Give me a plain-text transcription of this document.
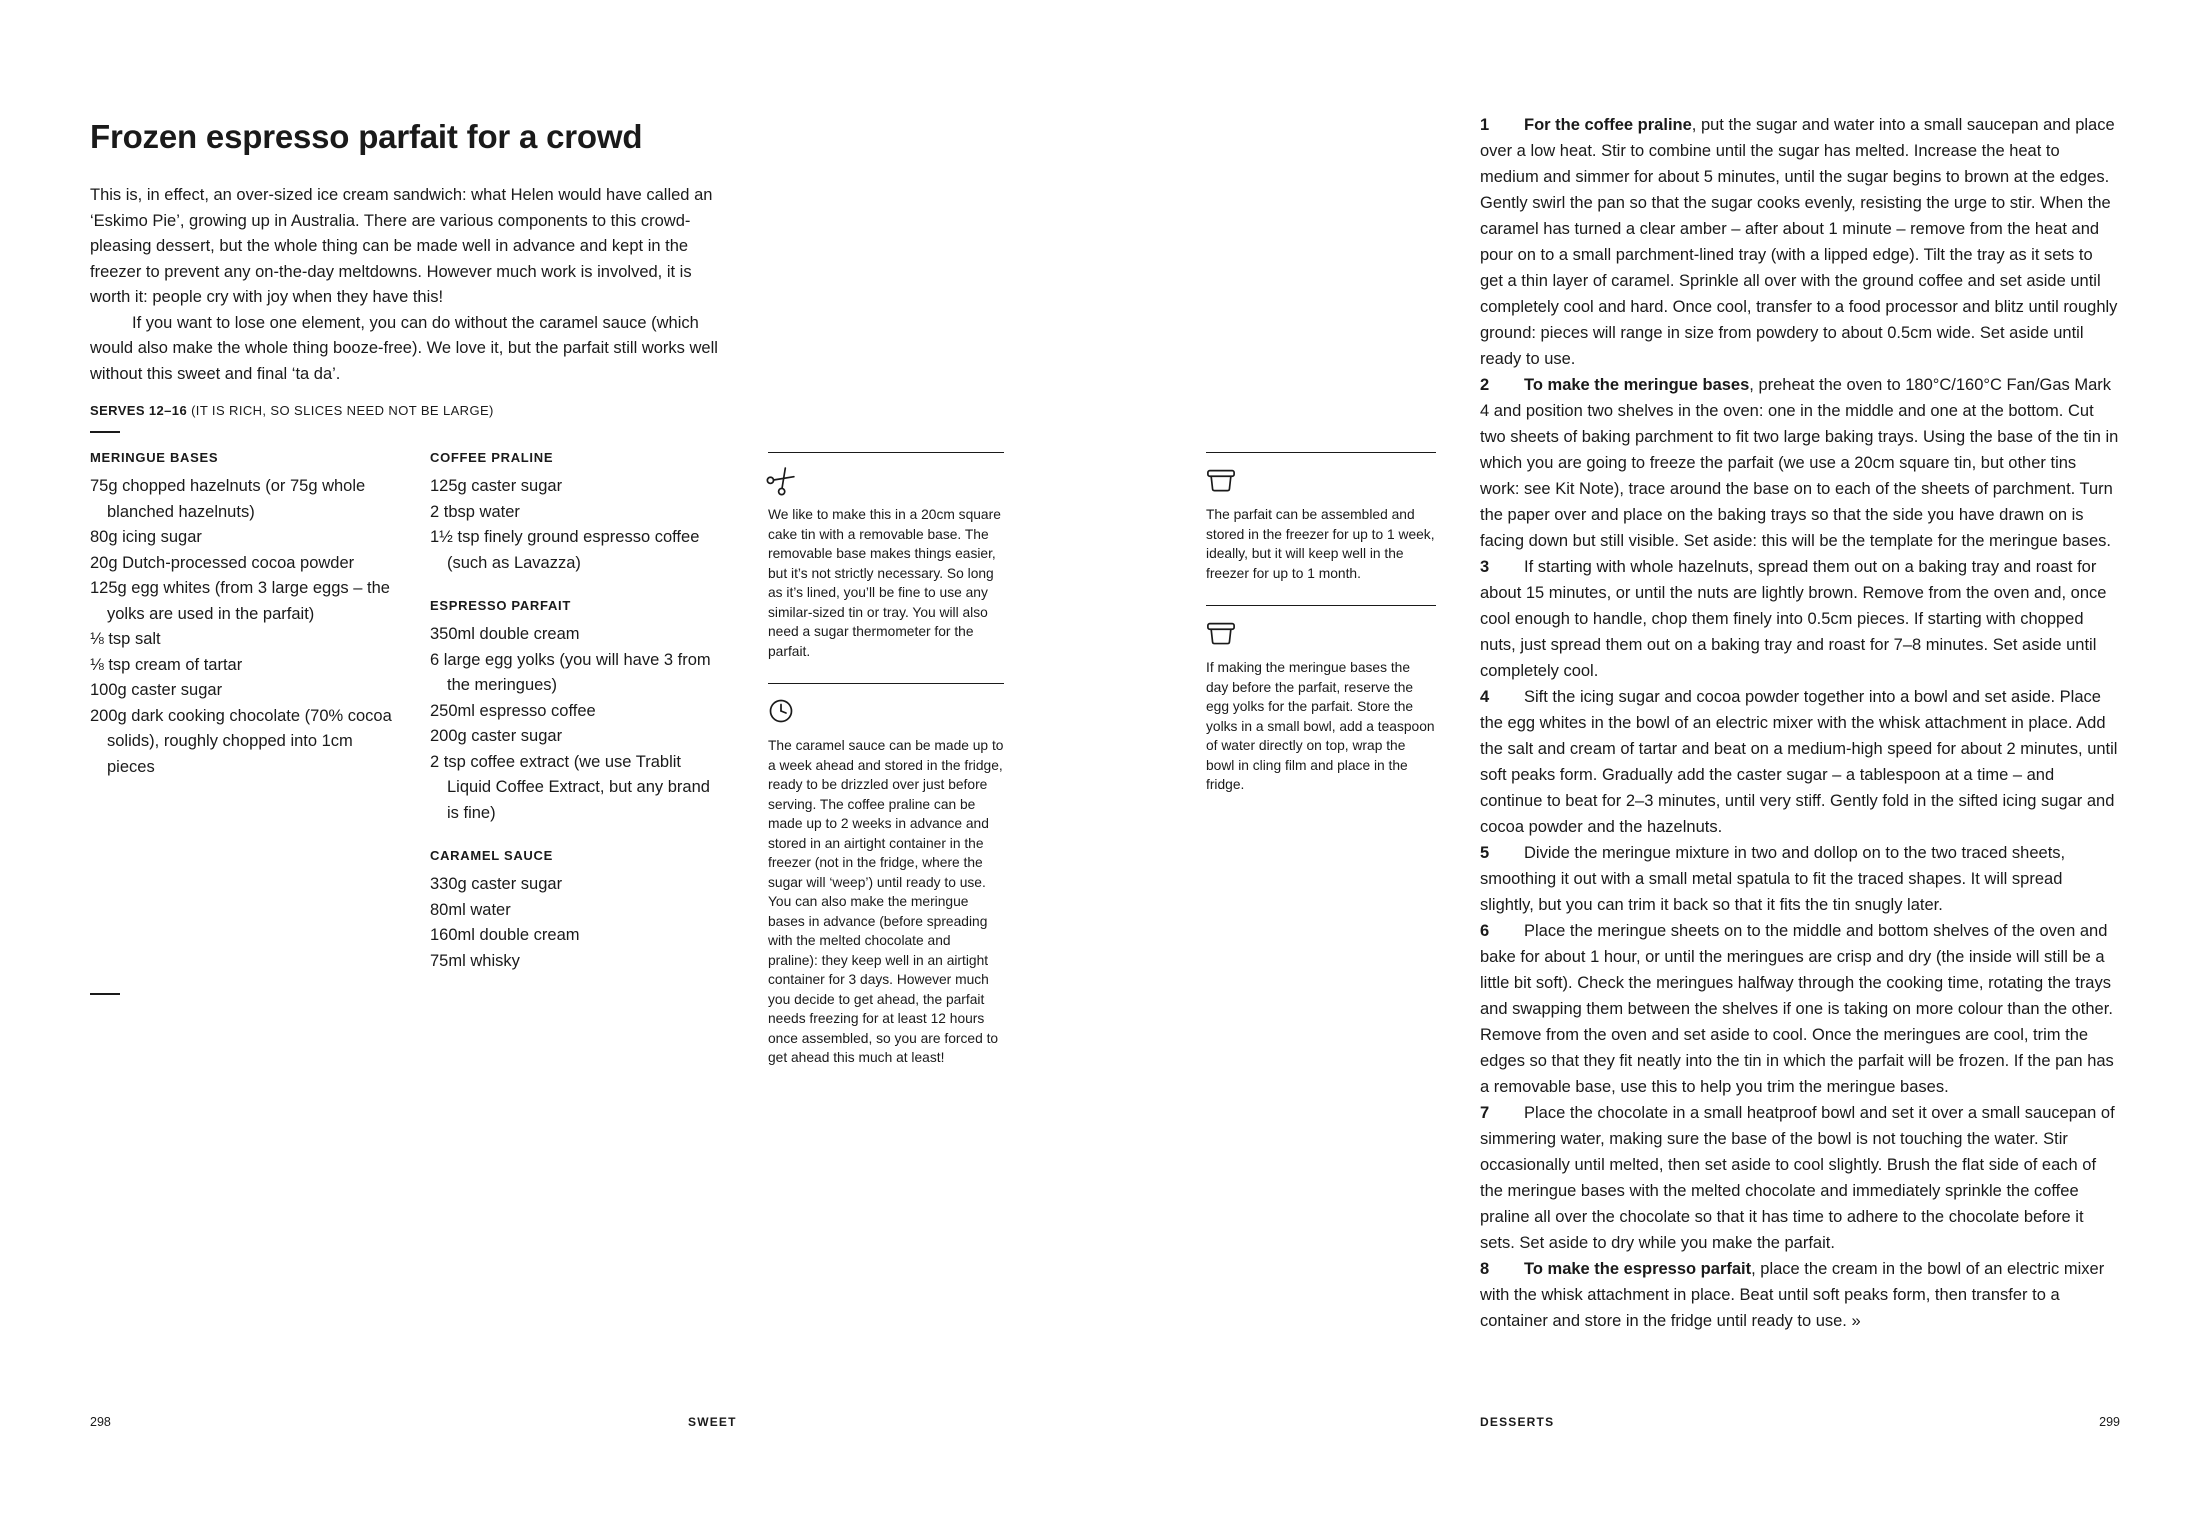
Frozen espresso parfait for a crowd

This is, in effect, an over-sized ice cream sandwich: what Helen would have called an ‘Eskimo Pie’, growing up in Australia. There are various components to this crowd-pleasing dessert, but the whole thing can be made well in advance and kept in the freezer to prevent any on-the-day meltdowns. However much work is involved, it is worth it: people cry with joy when they have this!

If you want to lose one element, you can do without the caramel sauce (which would also make the whole thing booze-free). We love it, but the parfait still works well without this sweet and final ‘ta da’.

SERVES 12–16 (IT IS RICH, SO SLICES NEED NOT BE LARGE)
MERINGUE BASES

75g chopped hazelnuts (or 75g whole blanched hazelnuts)

80g icing sugar

20g Dutch-processed cocoa powder

125g egg whites (from 3 large eggs – the yolks are used in the parfait)

⅛ tsp salt

⅛ tsp cream of tartar

100g caster sugar

200g dark cooking chocolate (70% cocoa solids), roughly chopped into 1cm pieces

COFFEE PRALINE

125g caster sugar

2 tbsp water

1½ tsp finely ground espresso coffee (such as Lavazza)

ESPRESSO PARFAIT

350ml double cream

6 large egg yolks (you will have 3 from the meringues)

250ml espresso coffee

200g caster sugar

2 tsp coffee extract (we use Trablit Liquid Coffee Extract, but any brand is fine)

CARAMEL SAUCE

330g caster sugar

80ml water

160ml double cream

75ml whisky

We like to make this in a 20cm square cake tin with a removable base. The removable base makes things easier, but it’s not strictly necessary. So long as it’s lined, you’ll be fine to use any similar-sized tin or tray. You will also need a sugar thermometer for the parfait.

The caramel sauce can be made up to a week ahead and stored in the fridge, ready to be drizzled over just before serving. The coffee praline can be made up to 2 weeks in advance and stored in an airtight container in the freezer (not in the fridge, where the sugar will ‘weep’) until ready to use. You can also make the meringue bases in advance (before spreading with the melted chocolate and praline): they keep well in an airtight container for 3 days. However much you decide to get ahead, the parfait needs freezing for at least 12 hours once assembled, so you are forced to get ahead this much at least!

The parfait can be assembled and stored in the freezer for up to 1 week, ideally, but it will keep well in the freezer for up to 1 month.

If making the meringue bases the day before the parfait, reserve the egg yolks for the parfait. Store the yolks in a small bowl, add a teaspoon of water directly on top, wrap the bowl in cling film and place in the fridge.

1 For the coffee praline, put the sugar and water into a small saucepan and place over a low heat. Stir to combine until the sugar has melted. Increase the heat to medium and simmer for about 5 minutes, until the sugar begins to brown at the edges. Gently swirl the pan so that the sugar cooks evenly, resisting the urge to stir. When the caramel has turned a clear amber – after about 1 minute – remove from the heat and pour on to a small parchment-lined tray (with a lipped edge). Tilt the tray as it sets to get a thin layer of caramel. Sprinkle all over with the ground coffee and set aside until completely cool and hard. Once cool, transfer to a food processor and blitz until roughly ground: pieces will range in size from powdery to about 0.5cm wide. Set aside until ready to use.

2 To make the meringue bases, preheat the oven to 180°C/160°C Fan/Gas Mark 4 and position two shelves in the oven: one in the middle and one at the bottom. Cut two sheets of baking parchment to fit two large baking trays. Using the base of the tin in which you are going to freeze the parfait (we use a 20cm square tin, but other tins work: see Kit Note), trace around the base on to each of the sheets of parchment. Turn the paper over and place on the baking trays so that the side you have drawn on is facing down but still visible. Set aside: this will be the template for the meringue bases.

3 If starting with whole hazelnuts, spread them out on a baking tray and roast for about 15 minutes, or until the nuts are lightly brown. Remove from the oven and, once cool enough to handle, chop them finely into 0.5cm pieces. If starting with chopped nuts, just spread them out on a baking tray and roast for 7–8 minutes. Set aside until completely cool.

4 Sift the icing sugar and cocoa powder together into a bowl and set aside. Place the egg whites in the bowl of an electric mixer with the whisk attachment in place. Add the salt and cream of tartar and beat on a medium-high speed for about 2 minutes, until soft peaks form. Gradually add the caster sugar – a tablespoon at a time – and continue to beat for 2–3 minutes, until very stiff. Gently fold in the sifted icing sugar and cocoa powder and the hazelnuts.

5 Divide the meringue mixture in two and dollop on to the two traced sheets, smoothing it out with a small metal spatula to fit the traced shapes. It will spread slightly, but you can trim it back so that it fits the tin snugly later.

6 Place the meringue sheets on to the middle and bottom shelves of the oven and bake for about 1 hour, or until the meringues are crisp and dry (the inside will still be a little bit soft). Check the meringues halfway through the cooking time, rotating the trays and swapping them between the shelves if one is taking on more colour than the other. Remove from the oven and set aside to cool. Once the meringues are cool, trim the edges so that they fit neatly into the tin in which the parfait will be frozen. If the pan has a removable base, use this to help you trim the meringue bases.

7 Place the chocolate in a small heatproof bowl and set it over a small saucepan of simmering water, making sure the base of the bowl is not touching the water. Stir occasionally until melted, then set aside to cool slightly. Brush the flat side of each of the meringue bases with the melted chocolate and immediately sprinkle the coffee praline all over the chocolate so that it has time to adhere to the chocolate before it sets. Set aside to dry while you make the parfait.

8 To make the espresso parfait, place the cream in the bowl of an electric mixer with the whisk attachment in place. Beat until soft peaks form, then transfer to a container and store in the fridge until ready to use. »

298	SWEET	DESSERTS	299
